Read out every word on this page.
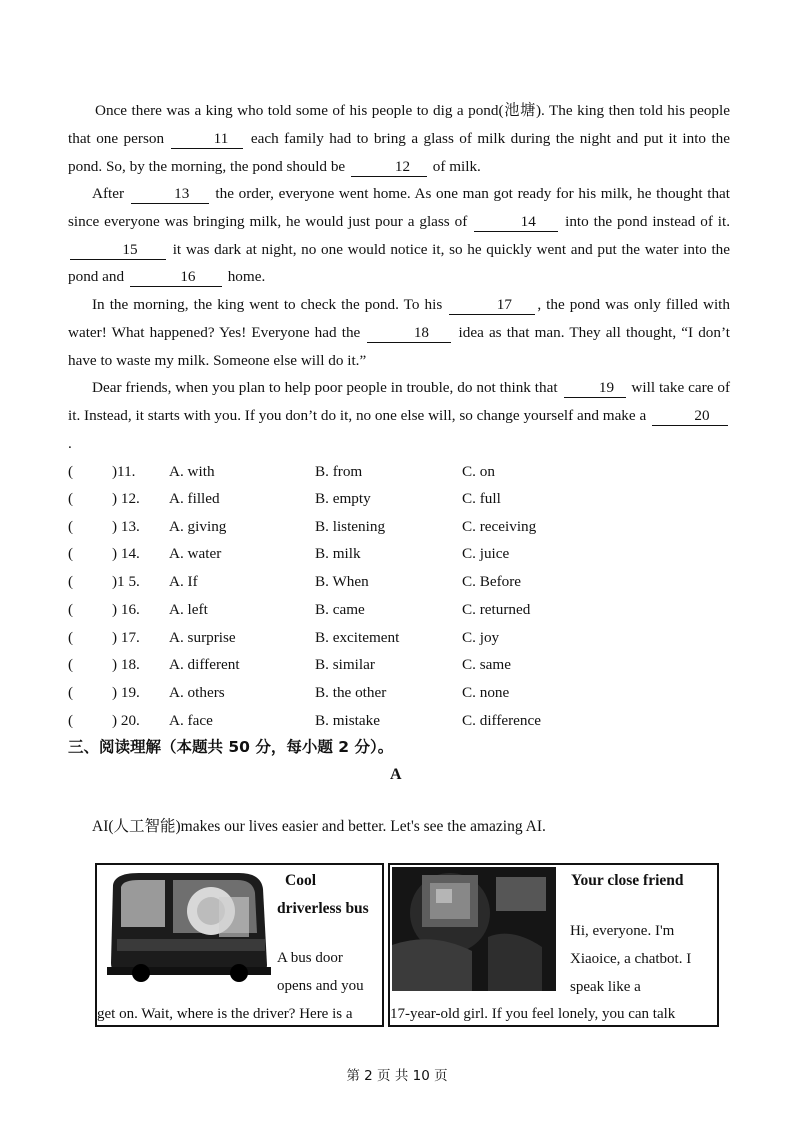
Once there was a king who told some of his people to dig a pond(池塘). The king then told his people that one person	11 each family had to bring a glass of milk during the night and put it into the pond. So, by the morning, the pond should be	12 of milk.
After	13 the order, everyone went home. As one man got ready for his milk, he thought that since everyone was bringing milk, he would just pour a glass of	14 into the pond instead of it. 15 it was dark at night, no one would notice it, so he quickly went and put the water into the pond and	16 home.
In the morning, the king went to check the pond. To his	17 , the pond was only filled with water! What happened? Yes! Everyone had the	18 idea as that man. They all thought, “I don’t have to waste my milk. Someone else will do it.”
Dear friends, when you plan to help poor people in trouble, do not think that	19 will take care of it. Instead, it starts with you. If you don’t do it, no one else will, so change yourself and make a	20.
(	)11. A. with	B. from	C. on
(	) 12. A. filled	B. empty	C. full
(	) 13. A. giving	B. listening	C. receiving
(	) 14. A. water	B. milk	C. juice
(	)1 5. A. If	B. When	C. Before
(	) 16. A. left	B. came	C. returned
(	) 17. A. surprise	B. excitement	C. joy
(	) 18. A. different	B. similar	C. same
(	) 19. A. others	B. the other	C. none
(	) 20. A. face	B. mistake	C. difference
三、阅读理解（本题共 50 分，每小题 2 分）。
A
AI(人工智能)makes our lives easier and better. Let's see the amazing AI.
Cool
driverless bus
A bus door
opens and you
get on. Wait, where is the driver? Here is a
Your close friend
Hi, everyone. I'm
Xiaoice, a chatbot. I
speak like a
17-year-old girl. If you feel lonely, you can talk
第 2 页 共 10 页
